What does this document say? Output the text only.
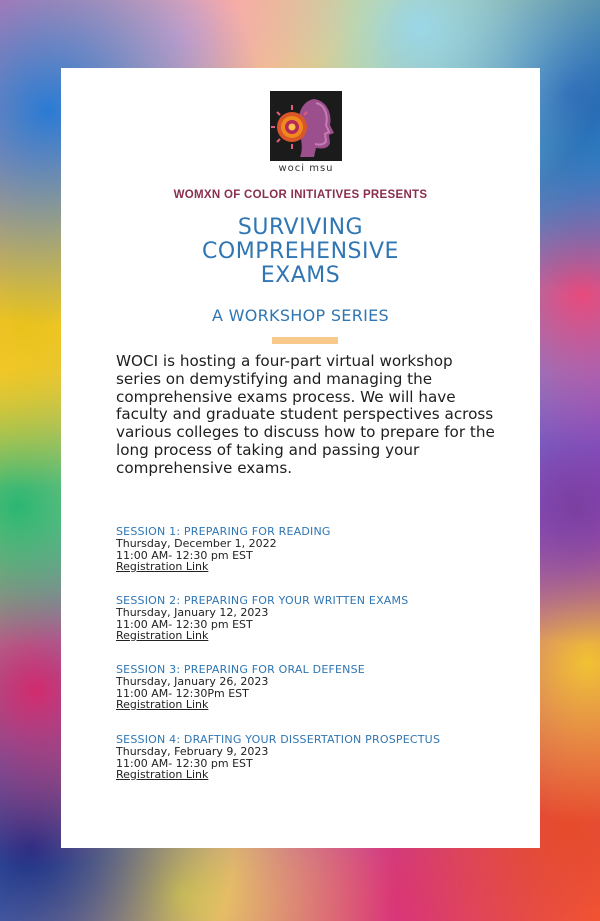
woci msu
WOMXN OF COLOR INITIATIVES PRESENTS
SURVIVING
COMPREHENSIVE
EXAMS
A WORKSHOP SERIES
WOCI is hosting a four-part virtual workshop series on demystifying and managing the comprehensive exams process. We will have faculty and graduate student perspectives across various colleges to discuss how to prepare for the long process of taking and passing your comprehensive exams.
SESSION 1: PREPARING FOR READING
Thursday, December 1, 2022
11:00 AM- 12:30 pm EST
Registration Link
SESSION 2: PREPARING FOR YOUR WRITTEN EXAMS
Thursday, January 12, 2023
11:00 AM- 12:30 pm EST
Registration Link
SESSION 3: PREPARING FOR ORAL DEFENSE
Thursday, January 26, 2023
11:00 AM- 12:30Pm EST
Registration Link
SESSION 4: DRAFTING YOUR DISSERTATION PROSPECTUS
Thursday, February 9, 2023
11:00 AM- 12:30 pm EST
Registration Link
